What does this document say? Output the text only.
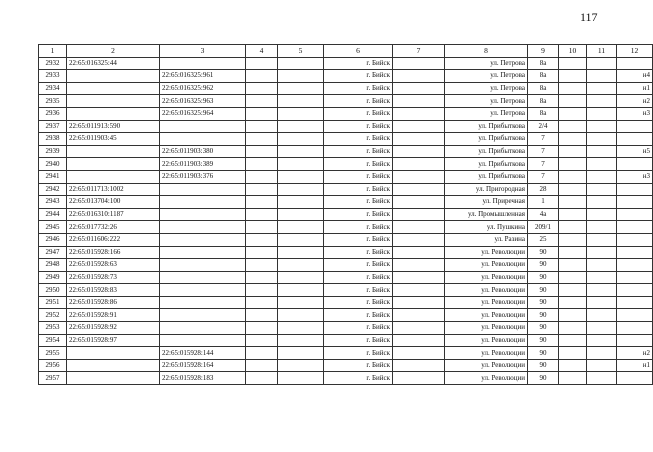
117
1	2	3	4	5	6	7	8	9	10	11	12
2932	22:65:016325:44				г. Бийск		ул. Петрова	8а			
2933		22:65:016325:961			г. Бийск		ул. Петрова	8а			н4
2934		22:65:016325:962			г. Бийск		ул. Петрова	8а			н1
2935		22:65:016325:963			г. Бийск		ул. Петрова	8а			н2
2936		22:65:016325:964			г. Бийск		ул. Петрова	8а			н3
2937	22:65:011913:590				г. Бийск		ул. Прибыткова	2/4			
2938	22:65:011903:45				г. Бийск		ул. Прибыткова	7			
2939		22:65:011903:380			г. Бийск		ул. Прибыткова	7			н5
2940		22:65:011903:389			г. Бийск		ул. Прибыткова	7			
2941		22:65:011903:376			г. Бийск		ул. Прибыткова	7			н3
2942	22:65:011713:1002				г. Бийск		ул. Пригородная	28			
2943	22:65:013704:100				г. Бийск		ул. Приречная	1			
2944	22:65:016310:1187				г. Бийск		ул. Промышленная	4а			
2945	22:65:017732:26				г. Бийск		ул. Пушкина	209/1			
2946	22:65:011606:222				г. Бийск		ул. Разина	25			
2947	22:65:015928:166				г. Бийск		ул. Революции	90			
2948	22:65:015928:63				г. Бийск		ул. Революции	90			
2949	22:65:015928:73				г. Бийск		ул. Революции	90			
2950	22:65:015928:83				г. Бийск		ул. Революции	90			
2951	22:65:015928:86				г. Бийск		ул. Революции	90			
2952	22:65:015928:91				г. Бийск		ул. Революции	90			
2953	22:65:015928:92				г. Бийск		ул. Революции	90			
2954	22:65:015928:97				г. Бийск		ул. Революции	90			
2955		22:65:015928:144			г. Бийск		ул. Революции	90			н2
2956		22:65:015928:164			г. Бийск		ул. Революции	90			н1
2957		22:65:015928:183			г. Бийск		ул. Революции	90			
